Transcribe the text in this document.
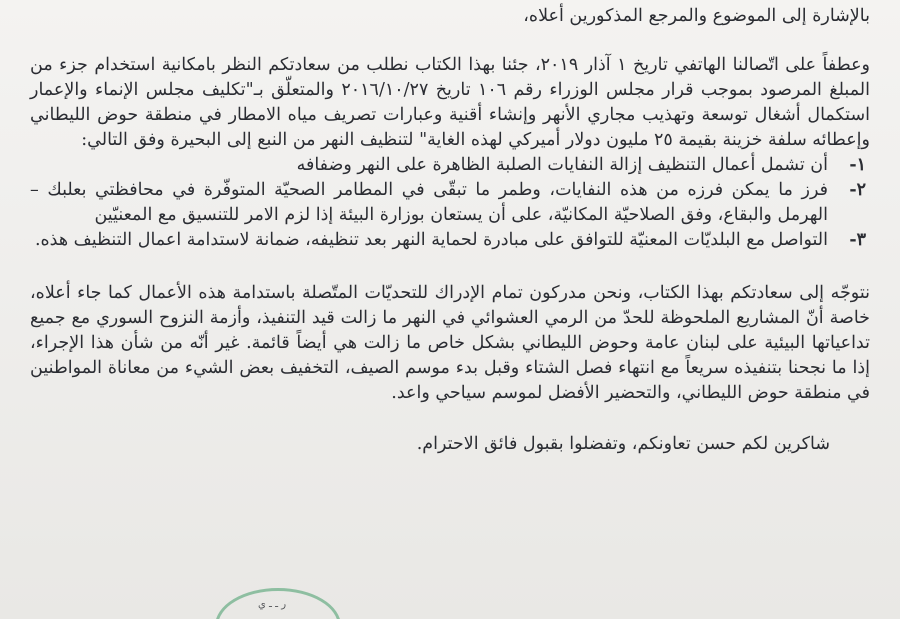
بالإشارة إلى الموضوع والمرجع المذكورين أعلاه،

وعطفاً على اتّصالنا الهاتفي تاريخ ١ آذار ٢٠١٩، جئنا بهذا الكتاب نطلب من سعادتكم النظر بامكانية استخدام جزء من المبلغ المرصود بموجب قرار مجلس الوزراء رقم ١٠٦ تاريخ ٢٠١٦/١٠/٢٧ والمتعلّق بـ"تكليف مجلس الإنماء والإعمار استكمال أشغال توسعة وتهذيب مجاري الأنهر وإنشاء أقنية وعبارات تصريف مياه الامطار في منطقة حوض الليطاني وإعطائه سلفة خزينة بقيمة ٢٥ مليون دولار أميركي لهذه الغاية" لتنظيف النهر من النبع إلى البحيرة وفق التالي:

١-
أن تشمل أعمال التنظيف إزالة النفايات الصلبة الظاهرة على النهر وضفافه
٢-
فرز ما يمكن فرزه من هذه النفايات، وطمر ما تبقّى في المطامر الصحيّة المتوفّرة في محافظتي بعلبك – الهرمل والبقاع، وفق الصلاحيّة المكانيّة، على أن يستعان بوزارة البيئة إذا لزم الامر للتنسيق مع المعنيّين
٣-
التواصل مع البلديّات المعنيّة للتوافق على مبادرة لحماية النهر بعد تنظيفه، ضمانة لاستدامة اعمال التنظيف هذه.

نتوجّه إلى سعادتكم بهذا الكتاب، ونحن مدركون تمام الإدراك للتحديّات المتّصلة باستدامة هذه الأعمال كما جاء أعلاه، خاصة أنّ المشاريع الملحوظة للحدّ من الرمي العشوائي في النهر ما زالت قيد التنفيذ، وأزمة النزوح السوري مع جميع تداعياتها البيئية على لبنان عامة وحوض الليطاني بشكل خاص ما زالت هي أيضاً قائمة. غير أنّه من شأن هذا الإجراء، إذا ما نجحنا بتنفيذه سريعاً مع انتهاء فصل الشتاء وقبل بدء موسم الصيف، التخفيف بعض الشيء من معاناة المواطنين في منطقة حوض الليطاني، والتحضير الأفضل لموسم سياحي واعد.

شاكرين لكم حسن تعاونكم، وتفضلوا بقبول فائق الاحترام.

ر ـ ـ ي
